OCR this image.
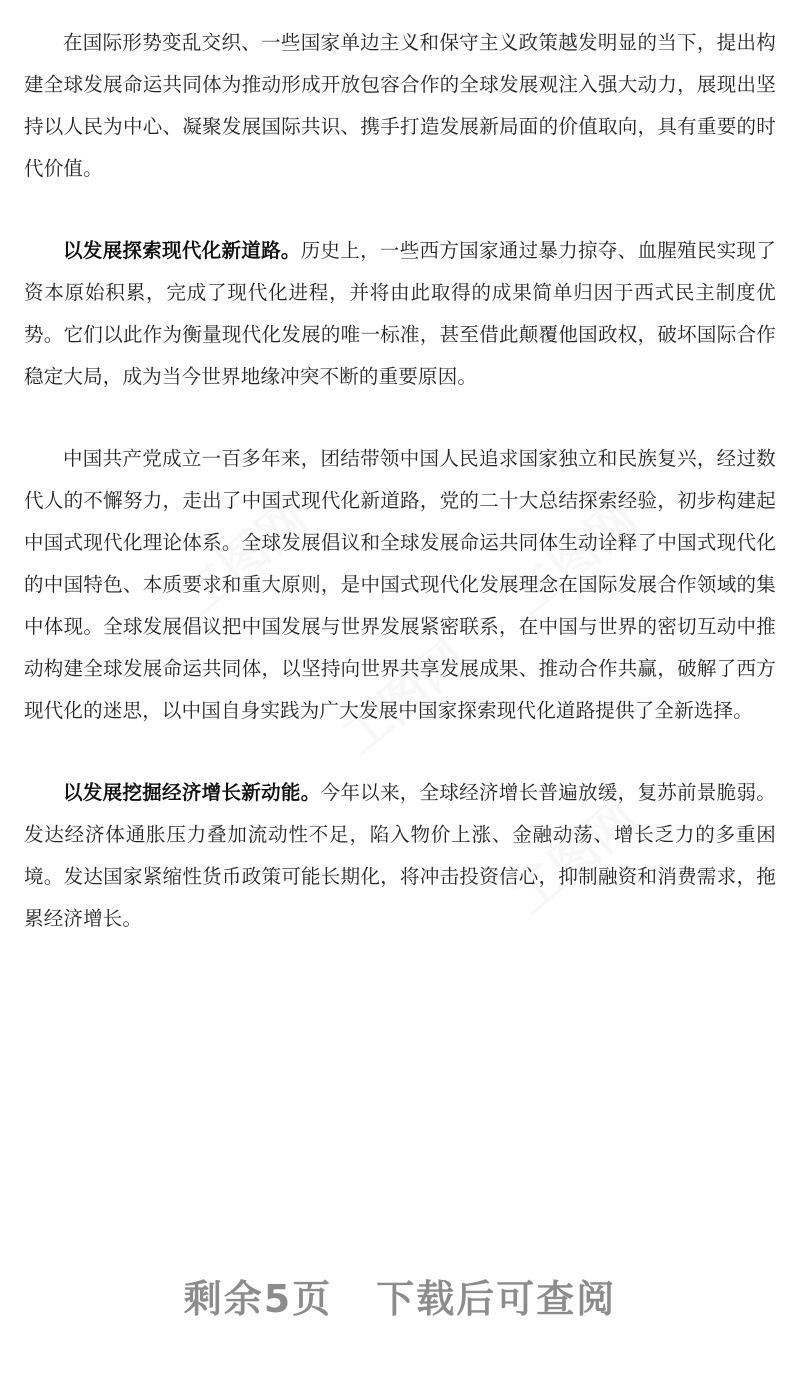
工图网	工图网
工图网
工图网

在国际形势变乱交织、一些国家单边主义和保守主义政策越发明显的当下，提出构建全球发展命运共同体为推动形成开放包容合作的全球发展观注入强大动力，展现出坚持以人民为中心、凝聚发展国际共识、携手打造发展新局面的价值取向，具有重要的时代价值。

以发展探索现代化新道路。历史上，一些西方国家通过暴力掠夺、血腥殖民实现了资本原始积累，完成了现代化进程，并将由此取得的成果简单归因于西式民主制度优势。它们以此作为衡量现代化发展的唯一标准，甚至借此颠覆他国政权，破坏国际合作稳定大局，成为当今世界地缘冲突不断的重要原因。

中国共产党成立一百多年来，团结带领中国人民追求国家独立和民族复兴，经过数代人的不懈努力，走出了中国式现代化新道路，党的二十大总结探索经验，初步构建起中国式现代化理论体系。全球发展倡议和全球发展命运共同体生动诠释了中国式现代化的中国特色、本质要求和重大原则，是中国式现代化发展理念在国际发展合作领域的集中体现。全球发展倡议把中国发展与世界发展紧密联系，在中国与世界的密切互动中推动构建全球发展命运共同体，以坚持向世界共享发展成果、推动合作共赢，破解了西方现代化的迷思，以中国自身实践为广大发展中国家探索现代化道路提供了全新选择。

以发展挖掘经济增长新动能。今年以来，全球经济增长普遍放缓，复苏前景脆弱。发达经济体通胀压力叠加流动性不足，陷入物价上涨、金融动荡、增长乏力的多重困境。发达国家紧缩性货币政策可能长期化，将冲击投资信心，抑制融资和消费需求，拖累经济增长。

剩余5页 下载后可查阅
